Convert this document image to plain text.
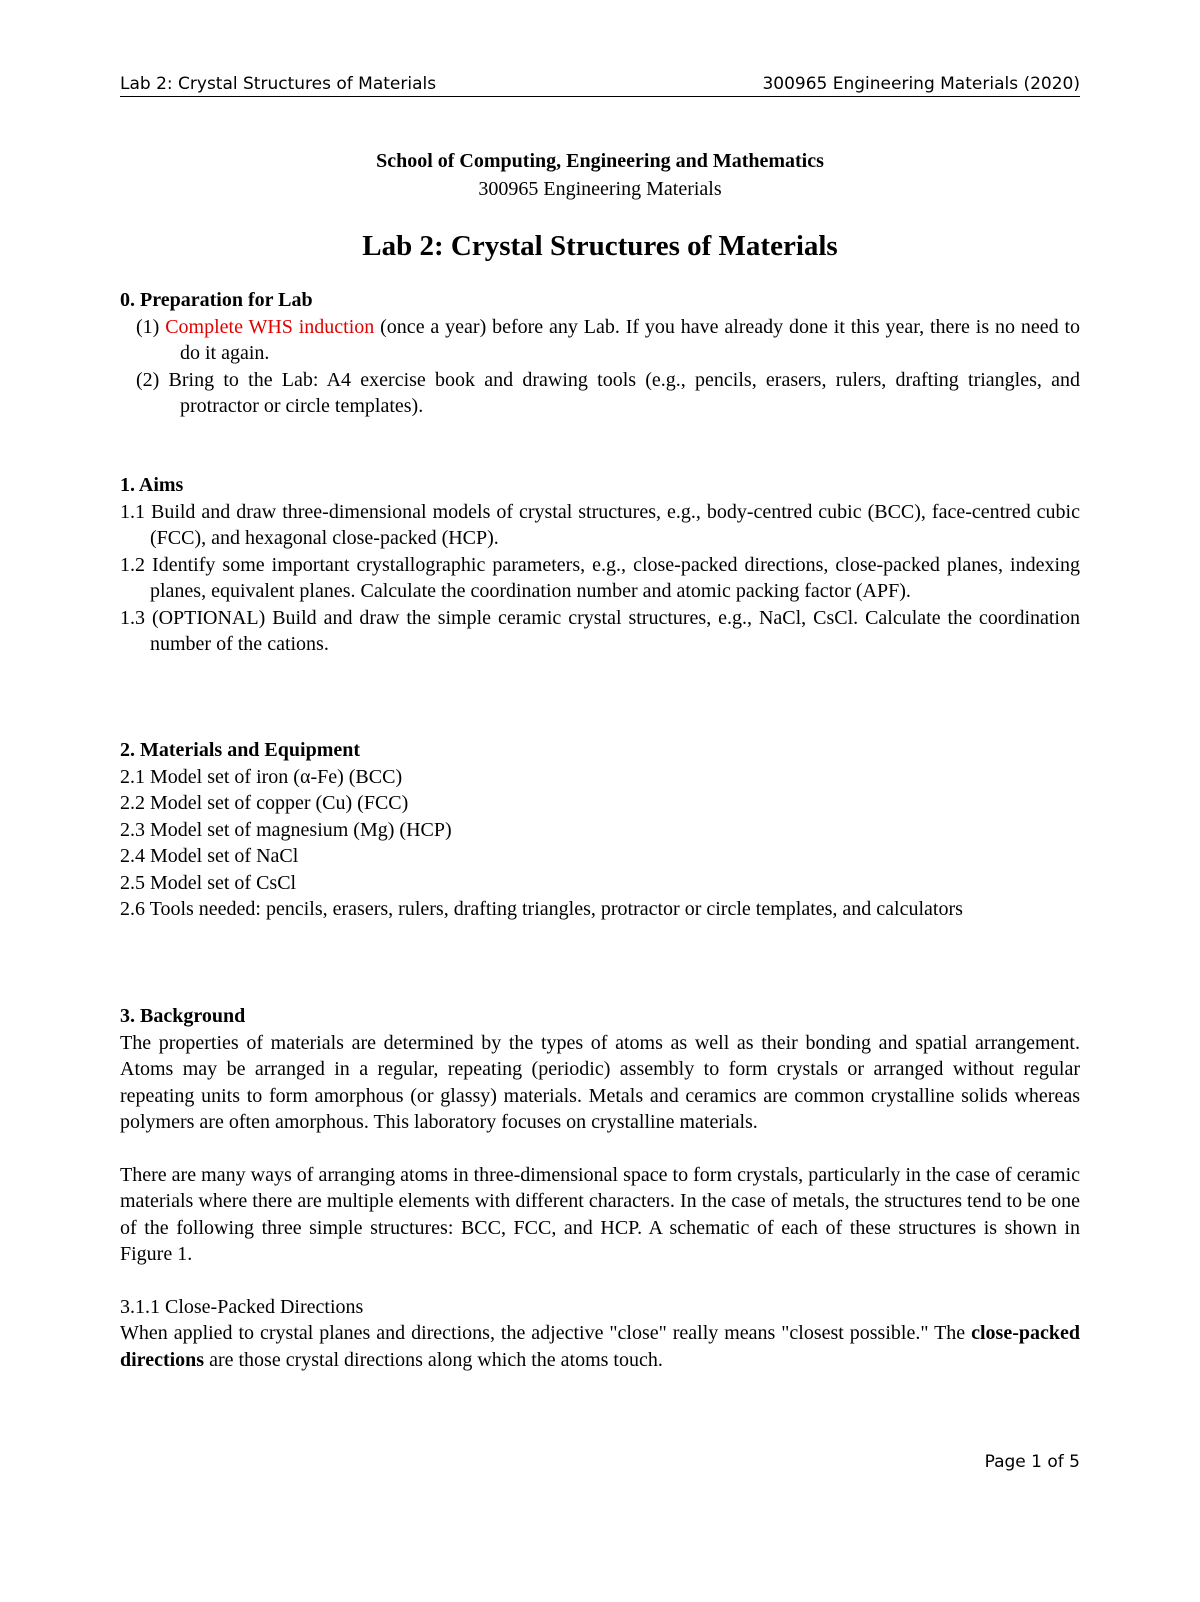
Lab 2: Crystal Structures of Materials	300965 Engineering Materials (2020)
School of Computing, Engineering and Mathematics
300965 Engineering Materials
Lab 2: Crystal Structures of Materials
0. Preparation for Lab
(1) Complete WHS induction (once a year) before any Lab. If you have already done it this year, there is no need to do it again.
(2) Bring to the Lab: A4 exercise book and drawing tools (e.g., pencils, erasers, rulers, drafting triangles, and protractor or circle templates).
1. Aims
1.1 Build and draw three-dimensional models of crystal structures, e.g., body-centred cubic (BCC), face-centred cubic (FCC), and hexagonal close-packed (HCP).
1.2 Identify some important crystallographic parameters, e.g., close-packed directions, close-packed planes, indexing planes, equivalent planes. Calculate the coordination number and atomic packing factor (APF).
1.3 (OPTIONAL) Build and draw the simple ceramic crystal structures, e.g., NaCl, CsCl. Calculate the coordination number of the cations.
2. Materials and Equipment
2.1 Model set of iron (α-Fe) (BCC)
2.2 Model set of copper (Cu) (FCC)
2.3 Model set of magnesium (Mg) (HCP)
2.4 Model set of NaCl
2.5 Model set of CsCl
2.6 Tools needed: pencils, erasers, rulers, drafting triangles, protractor or circle templates, and calculators
3. Background

The properties of materials are determined by the types of atoms as well as their bonding and spatial arrangement. Atoms may be arranged in a regular, repeating (periodic) assembly to form crystals or arranged without regular repeating units to form amorphous (or glassy) materials. Metals and ceramics are common crystalline solids whereas polymers are often amorphous. This laboratory focuses on crystalline materials.

There are many ways of arranging atoms in three-dimensional space to form crystals, particularly in the case of ceramic materials where there are multiple elements with different characters. In the case of metals, the structures tend to be one of the following three simple structures: BCC, FCC, and HCP. A schematic of each of these structures is shown in Figure 1.

3.1.1 Close-Packed Directions

When applied to crystal planes and directions, the adjective "close" really means "closest possible." The close-packed directions are those crystal directions along which the atoms touch.

Page 1 of 5
